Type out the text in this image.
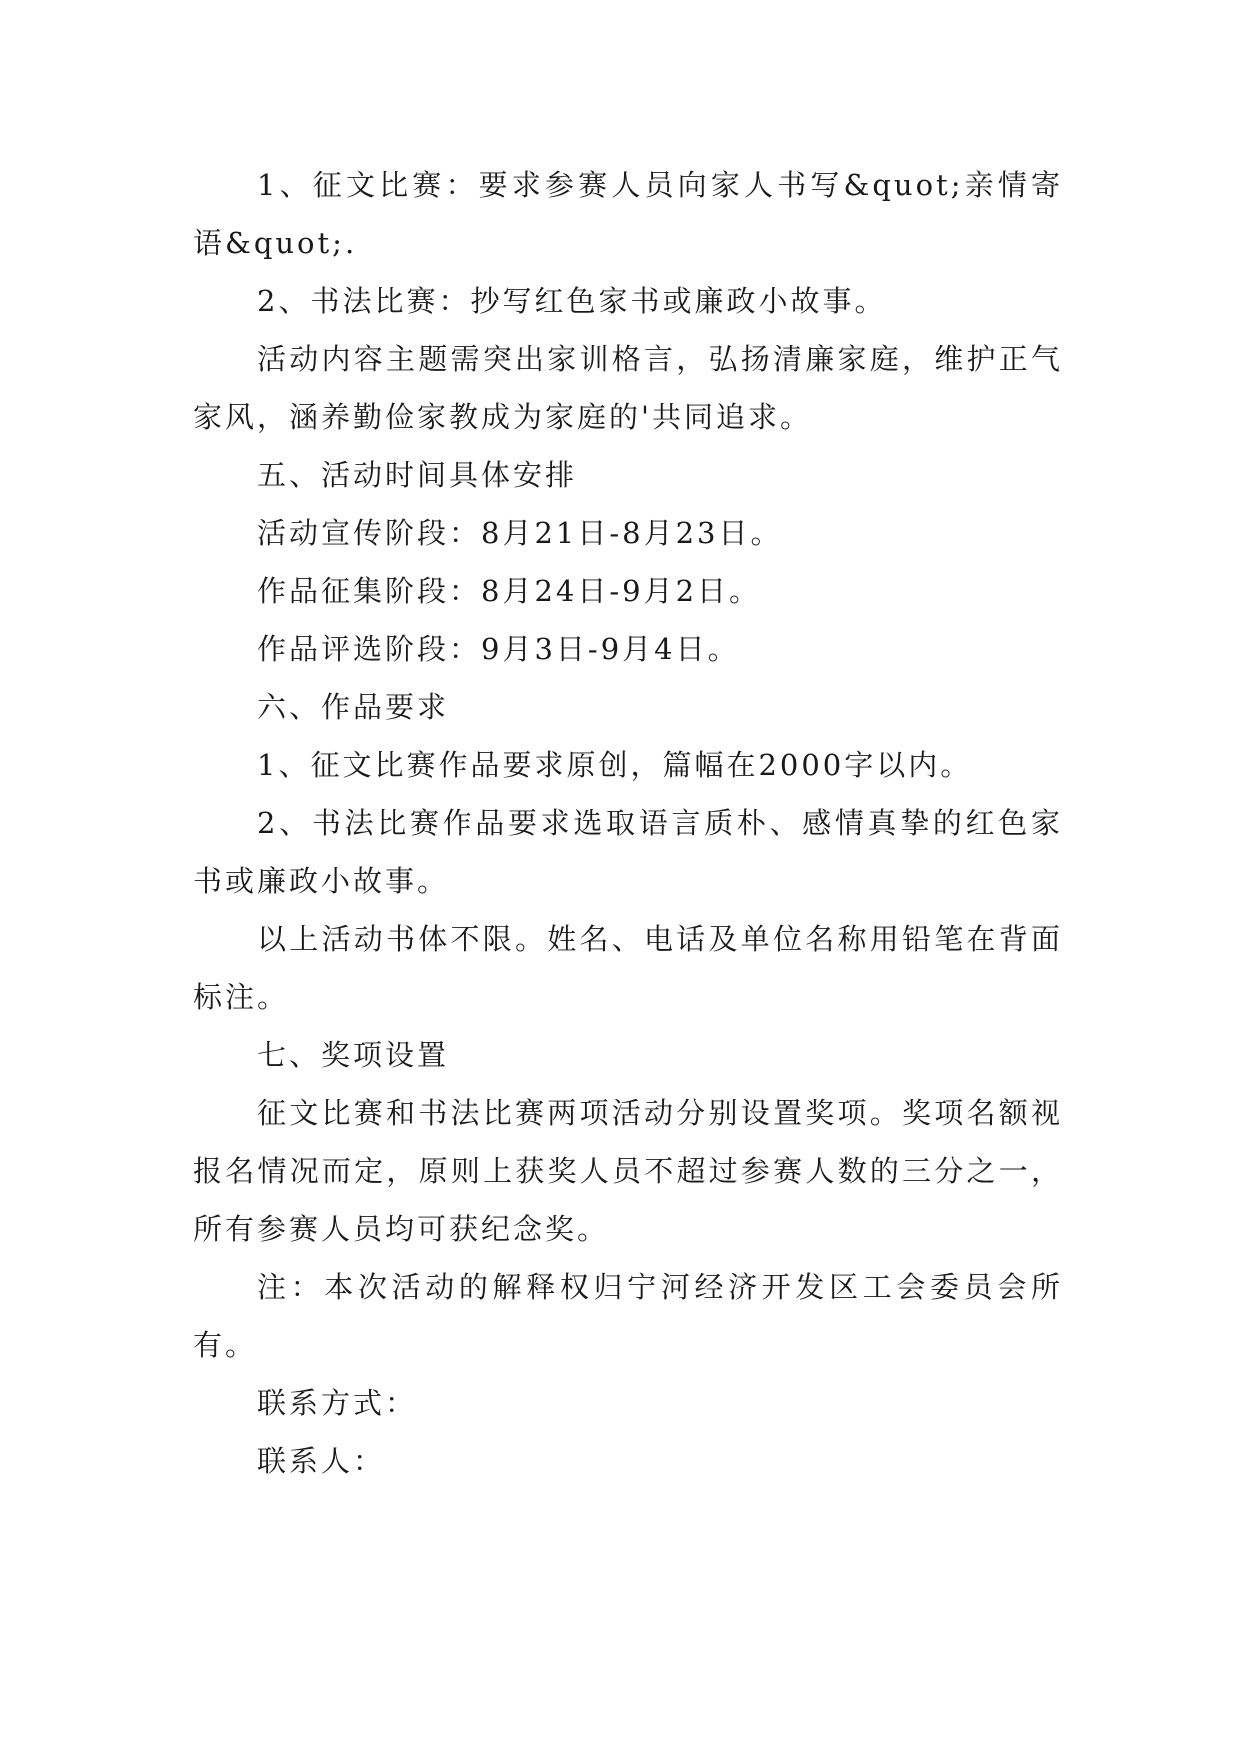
1、征文比赛：要求参赛人员向家人书写&quot;亲情寄语&quot;.

2、书法比赛：抄写红色家书或廉政小故事。

活动内容主题需突出家训格言，弘扬清廉家庭，维护正气家风，涵养勤俭家教成为家庭的'共同追求。

五、活动时间具体安排

活动宣传阶段：8月21日-8月23日。

作品征集阶段：8月24日-9月2日。

作品评选阶段：9月3日-9月4日。

六、作品要求

1、征文比赛作品要求原创，篇幅在2000字以内。

2、书法比赛作品要求选取语言质朴、感情真挚的红色家书或廉政小故事。

以上活动书体不限。姓名、电话及单位名称用铅笔在背面标注。

七、奖项设置

征文比赛和书法比赛两项活动分别设置奖项。奖项名额视报名情况而定，原则上获奖人员不超过参赛人数的三分之一，所有参赛人员均可获纪念奖。

注：本次活动的解释权归宁河经济开发区工会委员会所有。

联系方式：

联系人：
